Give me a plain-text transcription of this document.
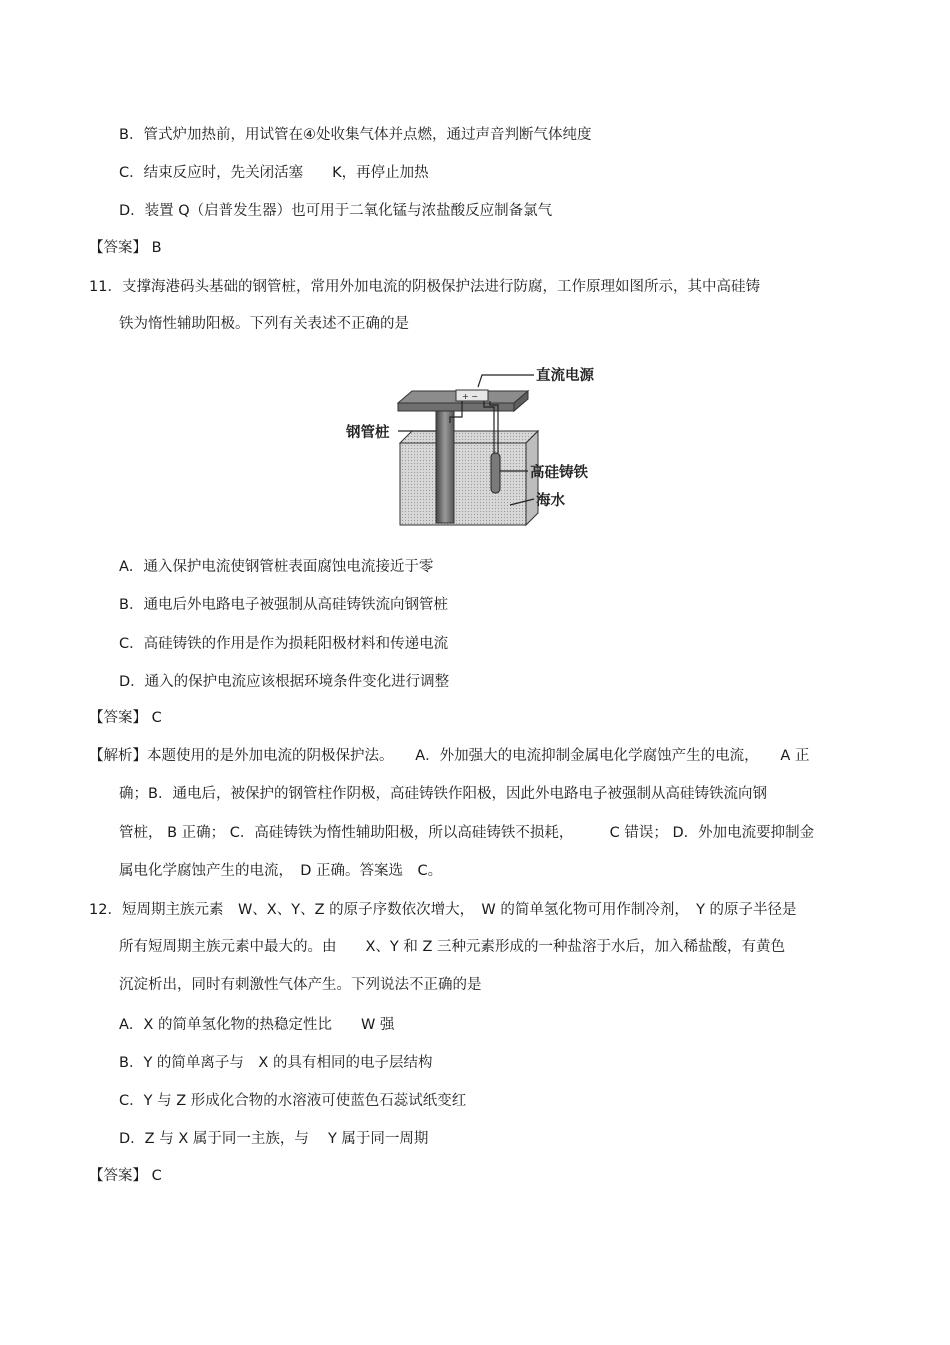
B．管式炉加热前，用试管在④处收集气体并点燃，通过声音判断气体纯度
C．结束反应时，先关闭活塞　　K，再停止加热
D．装置 Q（启普发生器）也可用于二氧化锰与浓盐酸反应制备氯气
【答案】 B
11．支撑海港码头基础的钢管桩，常用外加电流的阴极保护法进行防腐，工作原理如图所示，其中高硅铸
铁为惰性辅助阳极。下列有关表述不正确的是
+ −
直流电源
钢管桩
高硅铸铁
海水
A．通入保护电流使钢管桩表面腐蚀电流接近于零
B．通电后外电路电子被强制从高硅铸铁流向钢管桩
C．高硅铸铁的作用是作为损耗阳极材料和传递电流
D．通入的保护电流应该根据环境条件变化进行调整
【答案】 C
【解析】本题使用的是外加电流的阴极保护法。　　A．外加强大的电流抑制金属电化学腐蚀产生的电流，　　A 正
确；B．通电后，被保护的钢管柱作阴极，高硅铸铁作阳极，因此外电路电子被强制从高硅铸铁流向钢
管桩， B 正确； C．高硅铸铁为惰性辅助阳极，所以高硅铸铁不损耗，　　　C 错误； D．外加电流要抑制金
属电化学腐蚀产生的电流，　D 正确。答案选　C。
12．短周期主族元素　W、X、Y、Z 的原子序数依次增大，　W 的简单氢化物可用作制冷剂，　Y 的原子半径是
所有短周期主族元素中最大的。由　　X、Y 和 Z 三种元素形成的一种盐溶于水后，加入稀盐酸，有黄色
沉淀析出，同时有刺激性气体产生。下列说法不正确的是
A．X 的简单氢化物的热稳定性比　　W 强
B．Y 的简单离子与　X 的具有相同的电子层结构
C．Y 与 Z 形成化合物的水溶液可使蓝色石蕊试纸变红
D．Z 与 X 属于同一主族，与　 Y 属于同一周期
【答案】 C
